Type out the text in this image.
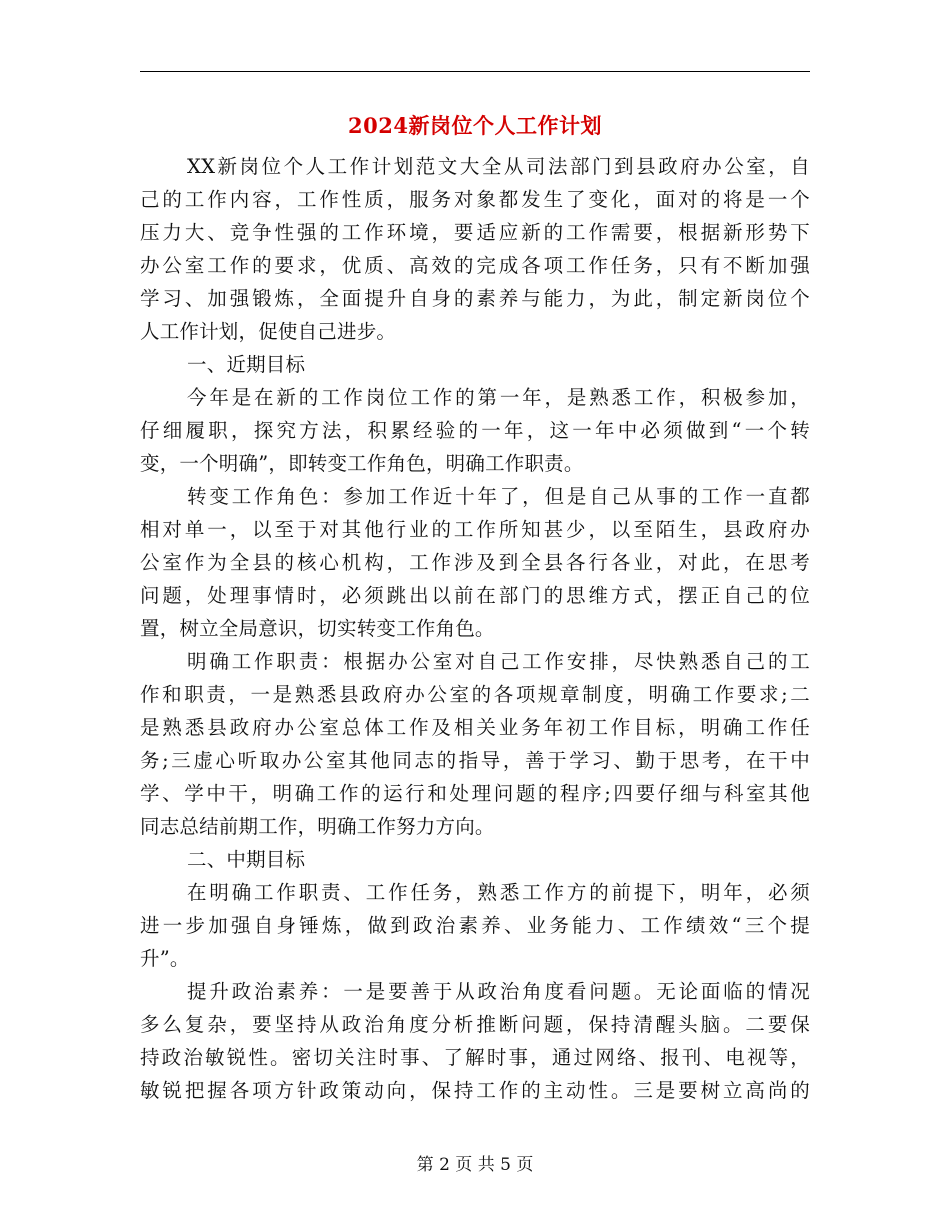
2024新岗位个人工作计划
XX新岗位个人工作计划范文大全从司法部门到县政府办公室，自
己的工作内容，工作性质，服务对象都发生了变化，面对的将是一个
压力大、竞争性强的工作环境，要适应新的工作需要，根据新形势下
办公室工作的要求，优质、高效的完成各项工作任务，只有不断加强
学习、加强锻炼，全面提升自身的素养与能力，为此，制定新岗位个
人工作计划，促使自己进步。
一、近期目标
今年是在新的工作岗位工作的第一年，是熟悉工作，积极参加，
仔细履职，探究方法，积累经验的一年，这一年中必须做到“一个转
变，一个明确”，即转变工作角色，明确工作职责。
转变工作角色：参加工作近十年了，但是自己从事的工作一直都
相对单一，以至于对其他行业的工作所知甚少，以至陌生，县政府办
公室作为全县的核心机构，工作涉及到全县各行各业，对此，在思考
问题，处理事情时，必须跳出以前在部门的思维方式，摆正自己的位
置，树立全局意识，切实转变工作角色。
明确工作职责：根据办公室对自己工作安排，尽快熟悉自己的工
作和职责，一是熟悉县政府办公室的各项规章制度，明确工作要求;二
是熟悉县政府办公室总体工作及相关业务年初工作目标，明确工作任
务;三虚心听取办公室其他同志的指导，善于学习、勤于思考，在干中
学、学中干，明确工作的运行和处理问题的程序;四要仔细与科室其他
同志总结前期工作，明确工作努力方向。
二、中期目标
在明确工作职责、工作任务，熟悉工作方的前提下，明年，必须
进一步加强自身锤炼，做到政治素养、业务能力、工作绩效“三个提
升”。
提升政治素养：一是要善于从政治角度看问题。无论面临的情况
多么复杂，要坚持从政治角度分析推断问题，保持清醒头脑。二要保
持政治敏锐性。密切关注时事、了解时事，通过网络、报刊、电视等，
敏锐把握各项方针政策动向，保持工作的主动性。三是要树立高尚的
第 2 页 共 5 页
